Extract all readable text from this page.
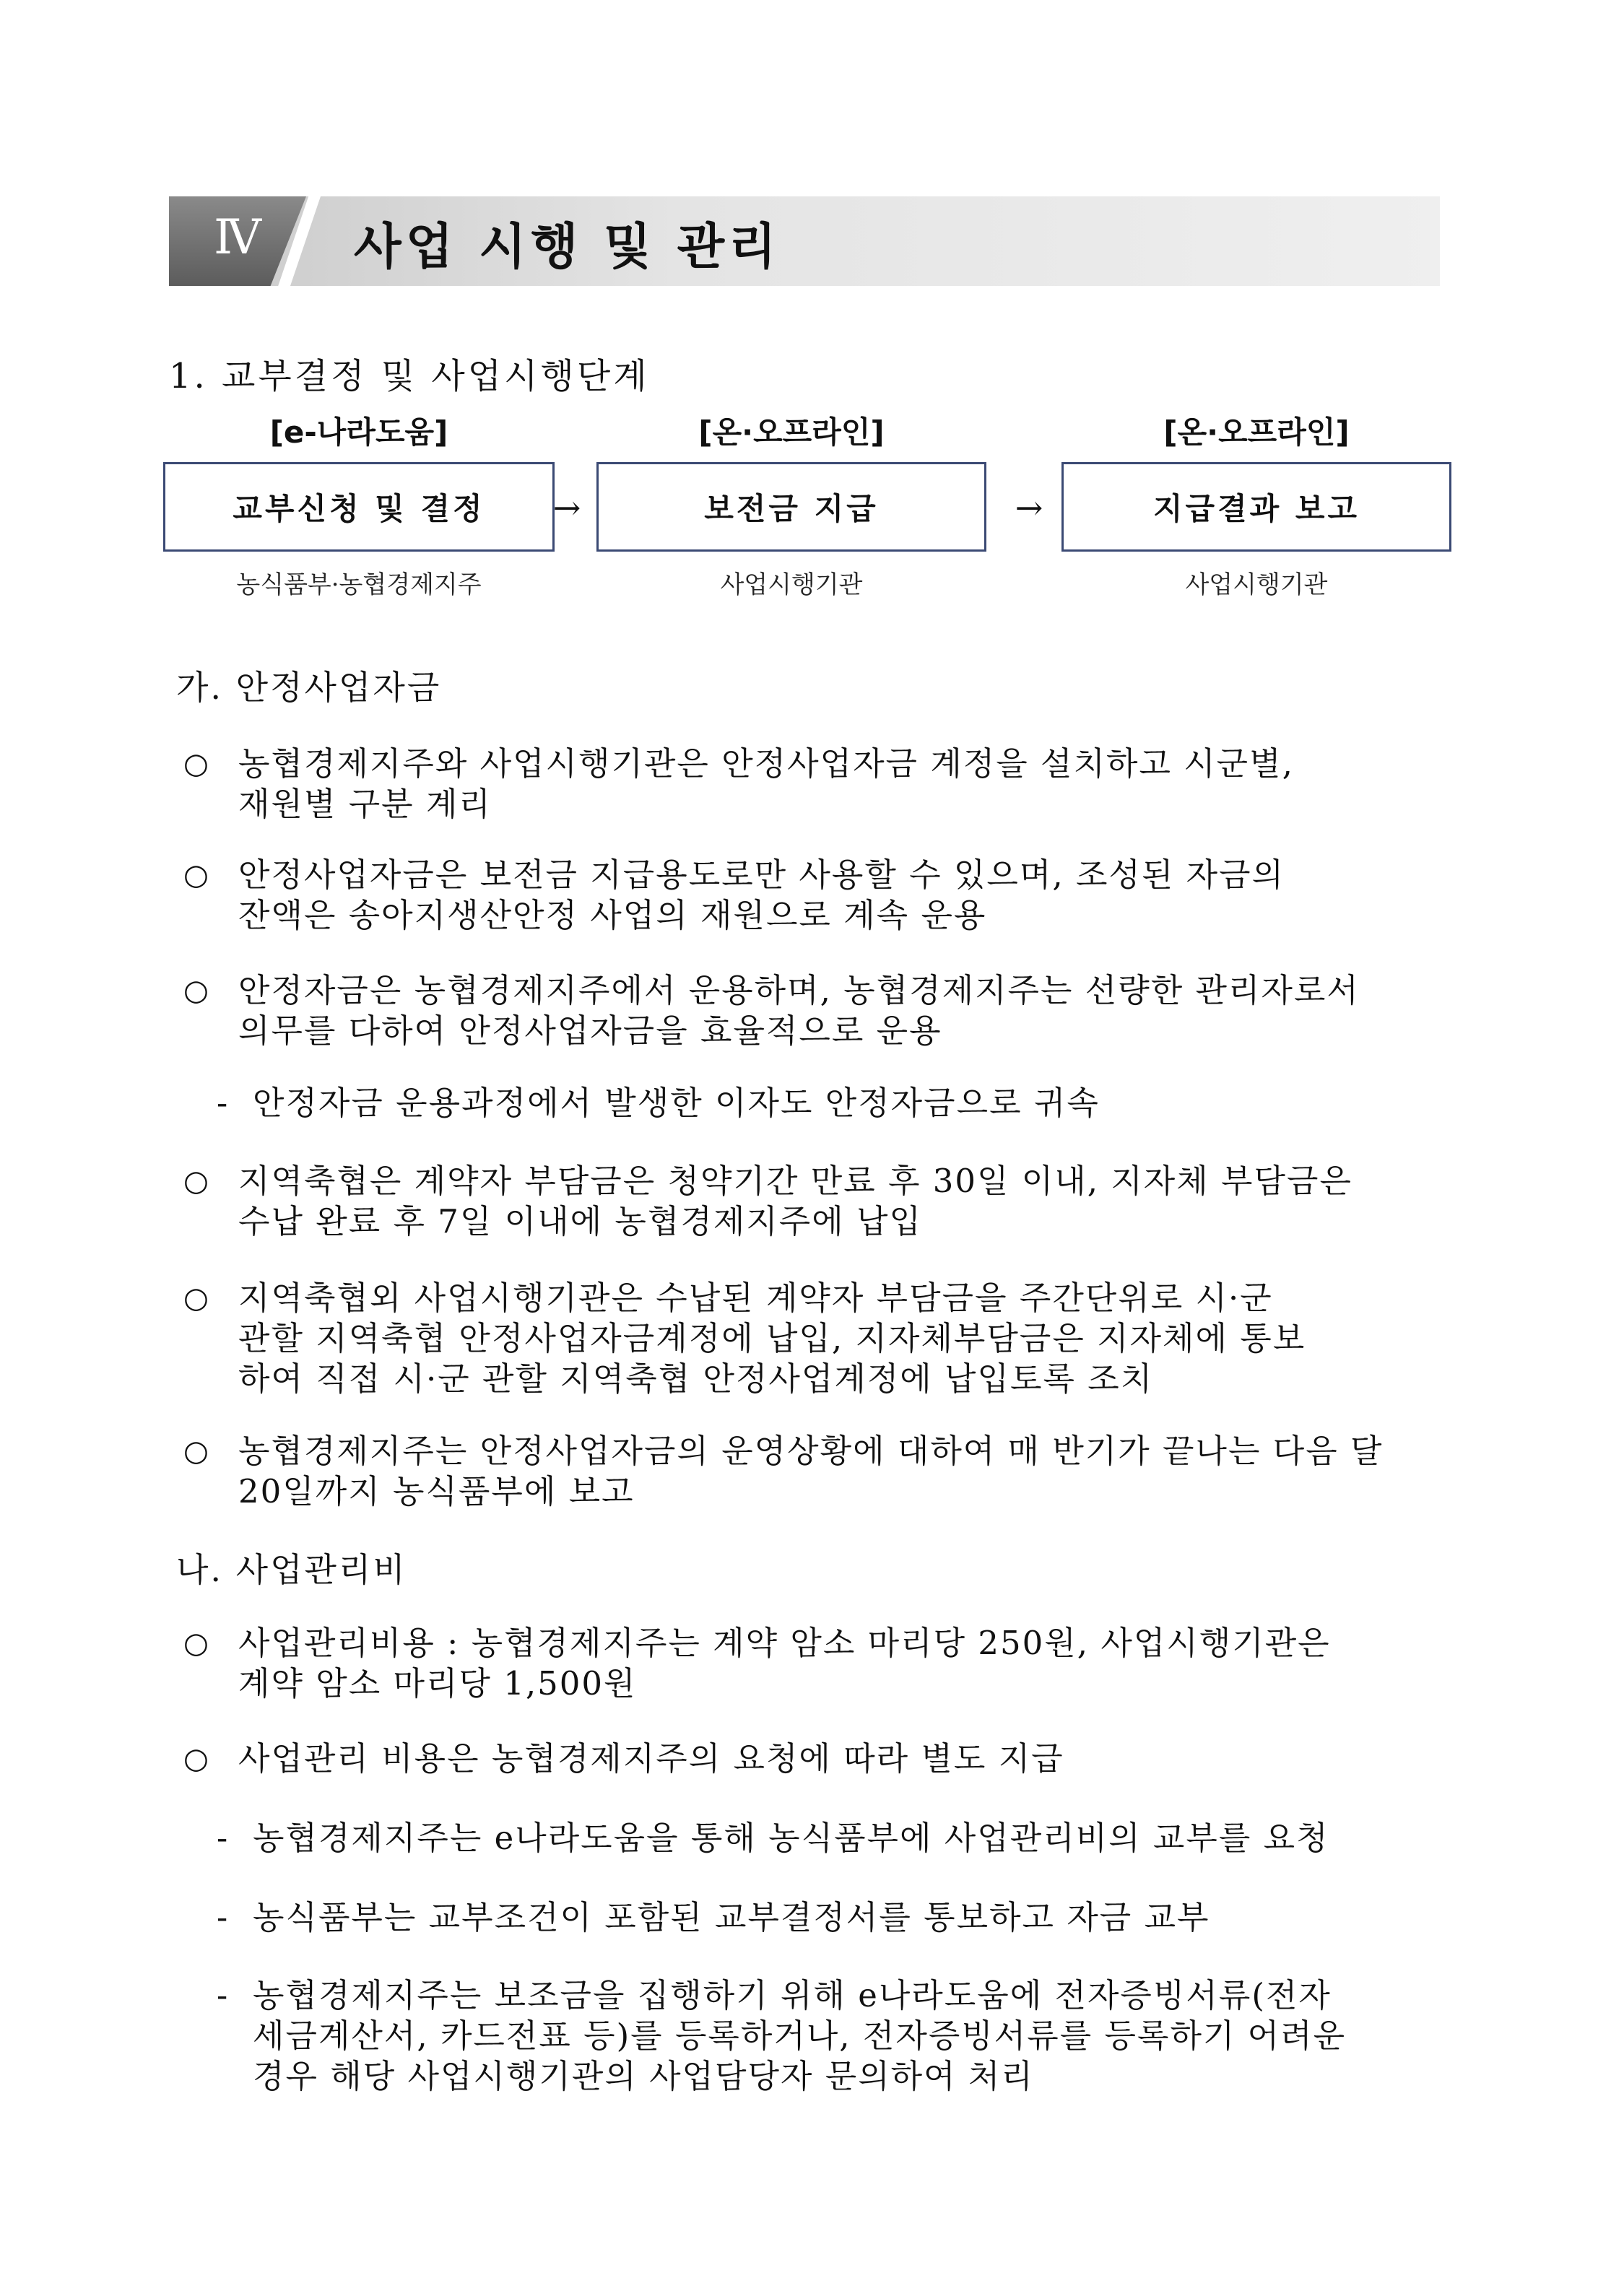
Ⅳ 사업 시행 및 관리
1. 교부결정 및 사업시행단계
[e-나라도움]	[온·오프라인]	[온·오프라인]
교부신청 및 결정	→	보전금 지급	→	지급결과 보고
농식품부·농협경제지주	사업시행기관	사업시행기관
가. 안정사업자금
○ 농협경제지주와 사업시행기관은 안정사업자금 계정을 설치하고 시군별,
재원별 구분 계리
○ 안정사업자금은 보전금 지급용도로만 사용할 수 있으며, 조성된 자금의
잔액은 송아지생산안정 사업의 재원으로 계속 운용
○ 안정자금은 농협경제지주에서 운용하며, 농협경제지주는 선량한 관리자로서
의무를 다하여 안정사업자금을 효율적으로 운용
- 안정자금 운용과정에서 발생한 이자도 안정자금으로 귀속
○ 지역축협은 계약자 부담금은 청약기간 만료 후 30일 이내, 지자체 부담금은
수납 완료 후 7일 이내에 농협경제지주에 납입
○ 지역축협외 사업시행기관은 수납된 계약자 부담금을 주간단위로 시·군
관할 지역축협 안정사업자금계정에 납입, 지자체부담금은 지자체에 통보
하여 직접 시·군 관할 지역축협 안정사업계정에 납입토록 조치
○ 농협경제지주는 안정사업자금의 운영상황에 대하여 매 반기가 끝나는 다음 달
20일까지 농식품부에 보고
나. 사업관리비
○ 사업관리비용 : 농협경제지주는 계약 암소 마리당 250원, 사업시행기관은
계약 암소 마리당 1,500원
○ 사업관리 비용은 농협경제지주의 요청에 따라 별도 지급
- 농협경제지주는 e나라도움을 통해 농식품부에 사업관리비의 교부를 요청
- 농식품부는 교부조건이 포함된 교부결정서를 통보하고 자금 교부
- 농협경제지주는 보조금을 집행하기 위해 e나라도움에 전자증빙서류(전자
세금계산서, 카드전표 등)를 등록하거나, 전자증빙서류를 등록하기 어려운
경우 해당 사업시행기관의 사업담당자 문의하여 처리
